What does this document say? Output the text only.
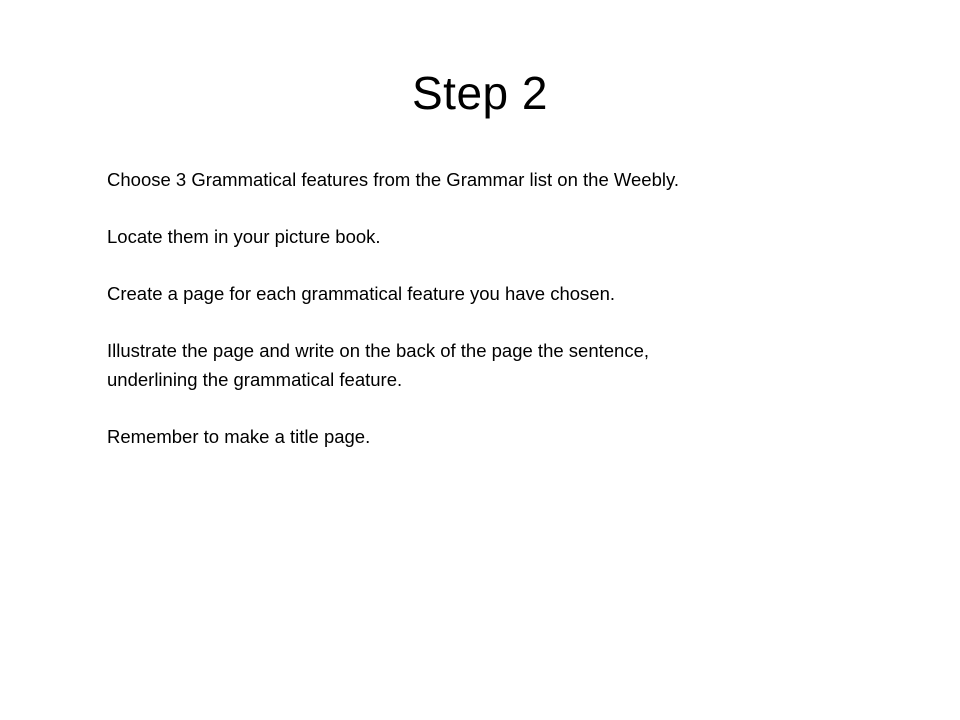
Step 2

Choose 3 Grammatical features from the Grammar list on the Weebly.

Locate them in your picture book.

Create a page for each grammatical feature you have chosen.

Illustrate the page and write on the back of the page the sentence,
underlining the grammatical feature.

Remember to make a title page.
